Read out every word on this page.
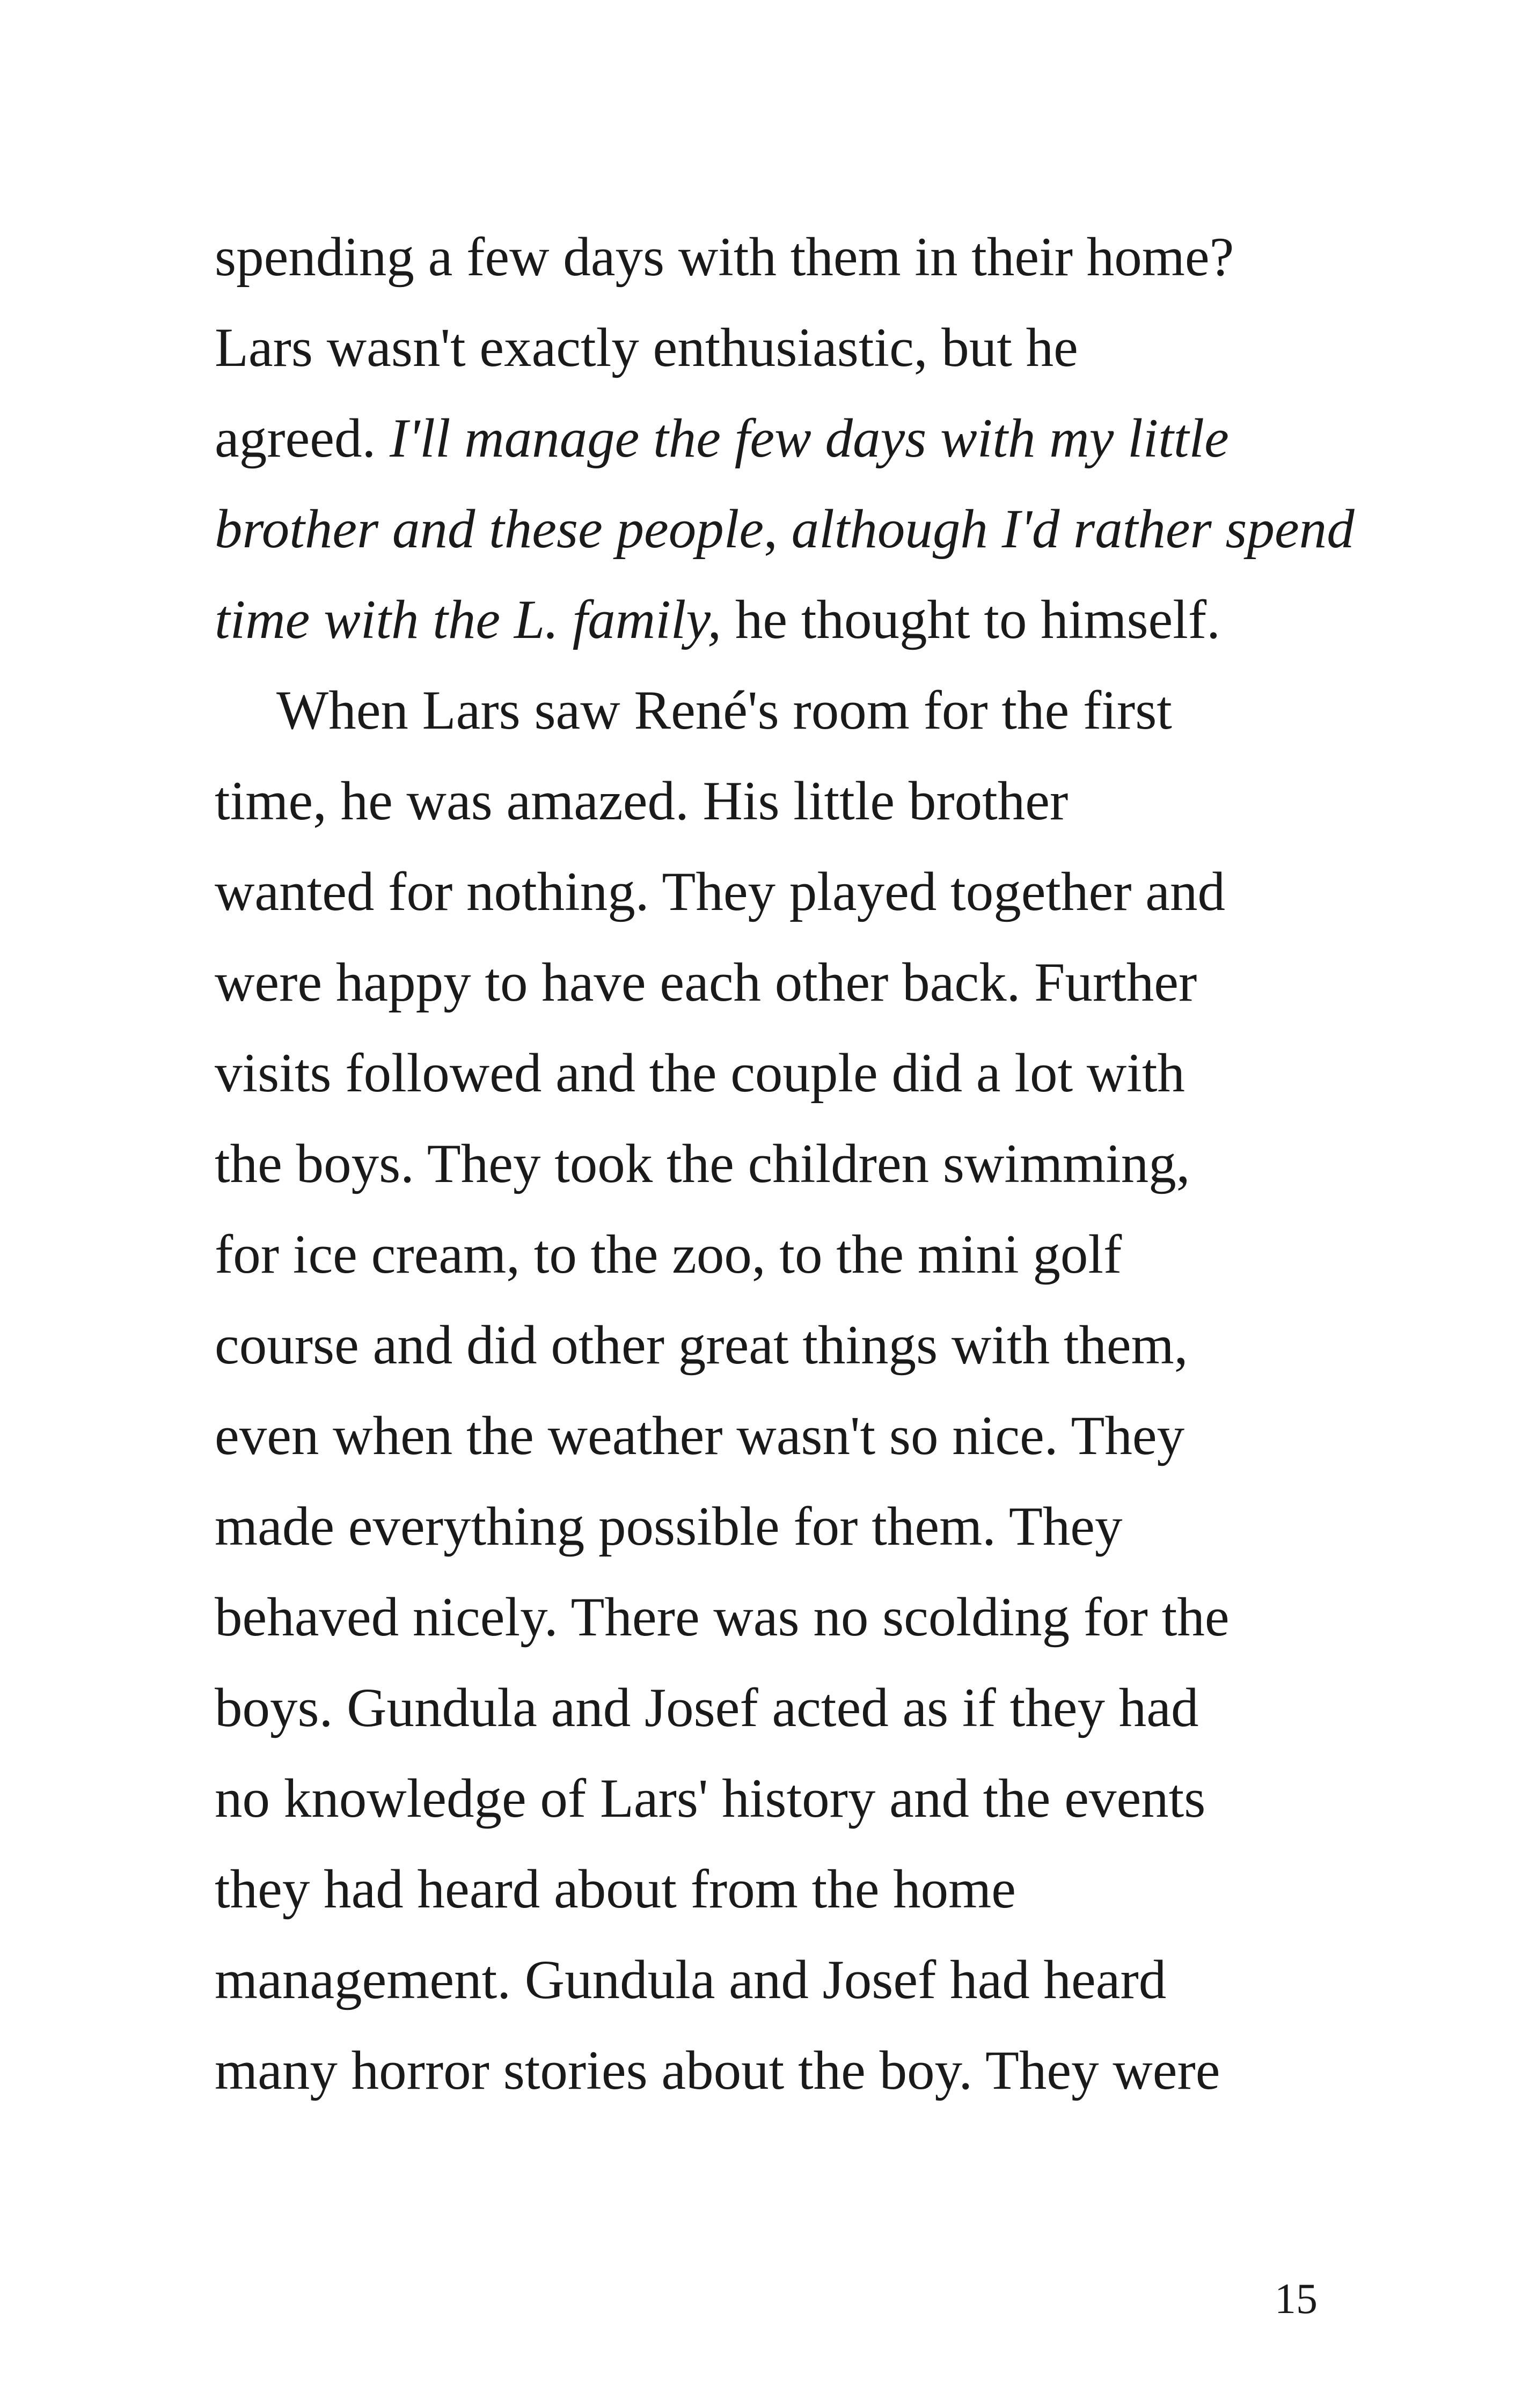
spending a few days with them in their home?
Lars wasn't exactly enthusiastic, but he
agreed. I'll manage the few days with my little
brother and these people, although I'd rather spend
time with the L. family, he thought to himself.
When Lars saw René's room for the first
time, he was amazed. His little brother
wanted for nothing. They played together and
were happy to have each other back. Further
visits followed and the couple did a lot with
the boys. They took the children swimming,
for ice cream, to the zoo, to the mini golf
course and did other great things with them,
even when the weather wasn't so nice. They
made everything possible for them. They
behaved nicely. There was no scolding for the
boys. Gundula and Josef acted as if they had
no knowledge of Lars' history and the events
they had heard about from the home
management. Gundula and Josef had heard
many horror stories about the boy. They were
15
